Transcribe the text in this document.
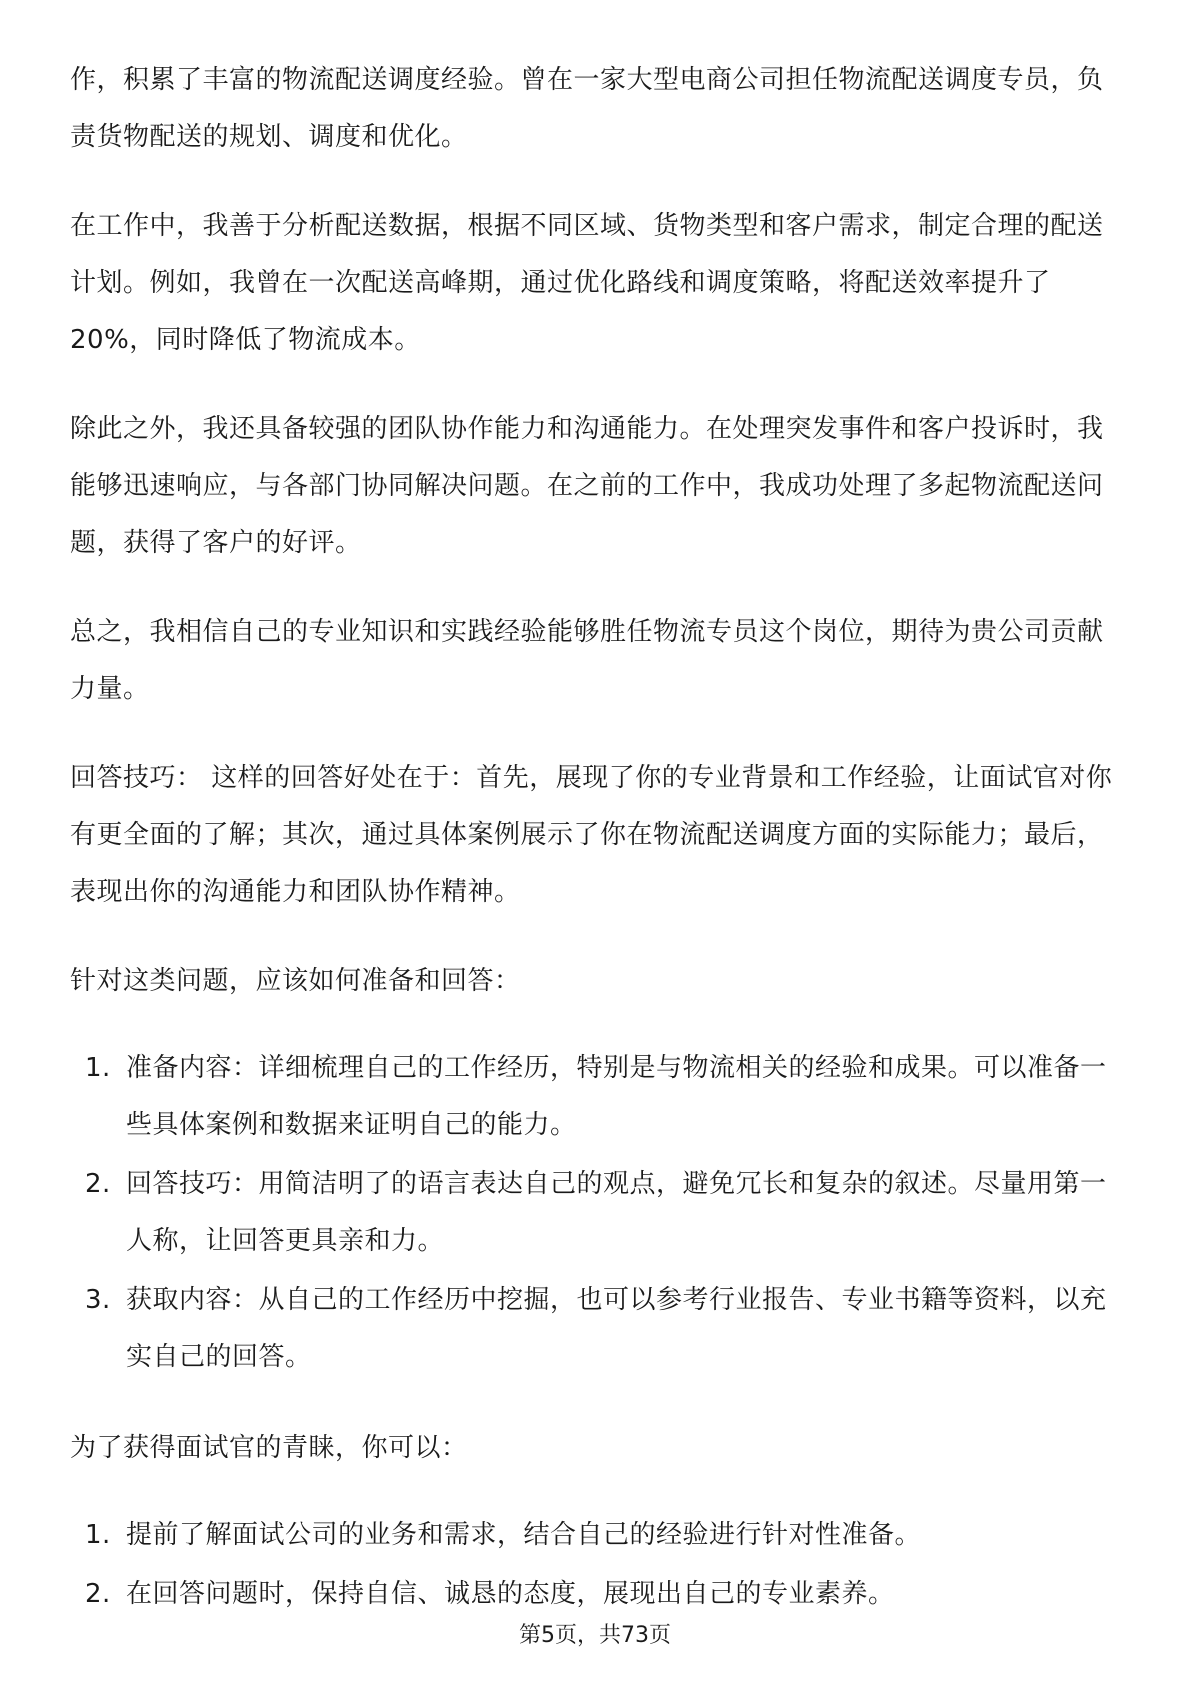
作，积累了丰富的物流配送调度经验。曾在一家大型电商公司担任物流配送调度专员，负责货物配送的规划、调度和优化。

在工作中，我善于分析配送数据，根据不同区域、货物类型和客户需求，制定合理的配送计划。例如，我曾在一次配送高峰期，通过优化路线和调度策略，将配送效率提升了20%，同时降低了物流成本。

除此之外，我还具备较强的团队协作能力和沟通能力。在处理突发事件和客户投诉时，我能够迅速响应，与各部门协同解决问题。在之前的工作中，我成功处理了多起物流配送问题，获得了客户的好评。

总之，我相信自己的专业知识和实践经验能够胜任物流专员这个岗位，期待为贵公司贡献力量。

回答技巧： 这样的回答好处在于：首先，展现了你的专业背景和工作经验，让面试官对你有更全面的了解；其次，通过具体案例展示了你在物流配送调度方面的实际能力；最后，表现出你的沟通能力和团队协作精神。

针对这类问题，应该如何准备和回答：

1. 准备内容：详细梳理自己的工作经历，特别是与物流相关的经验和成果。可以准备一些具体案例和数据来证明自己的能力。
2. 回答技巧：用简洁明了的语言表达自己的观点，避免冗长和复杂的叙述。尽量用第一人称，让回答更具亲和力。
3. 获取内容：从自己的工作经历中挖掘，也可以参考行业报告、专业书籍等资料，以充实自己的回答。

为了获得面试官的青睐，你可以：

1. 提前了解面试公司的业务和需求，结合自己的经验进行针对性准备。
2. 在回答问题时，保持自信、诚恳的态度，展现出自己的专业素养。
第5页，共73页
